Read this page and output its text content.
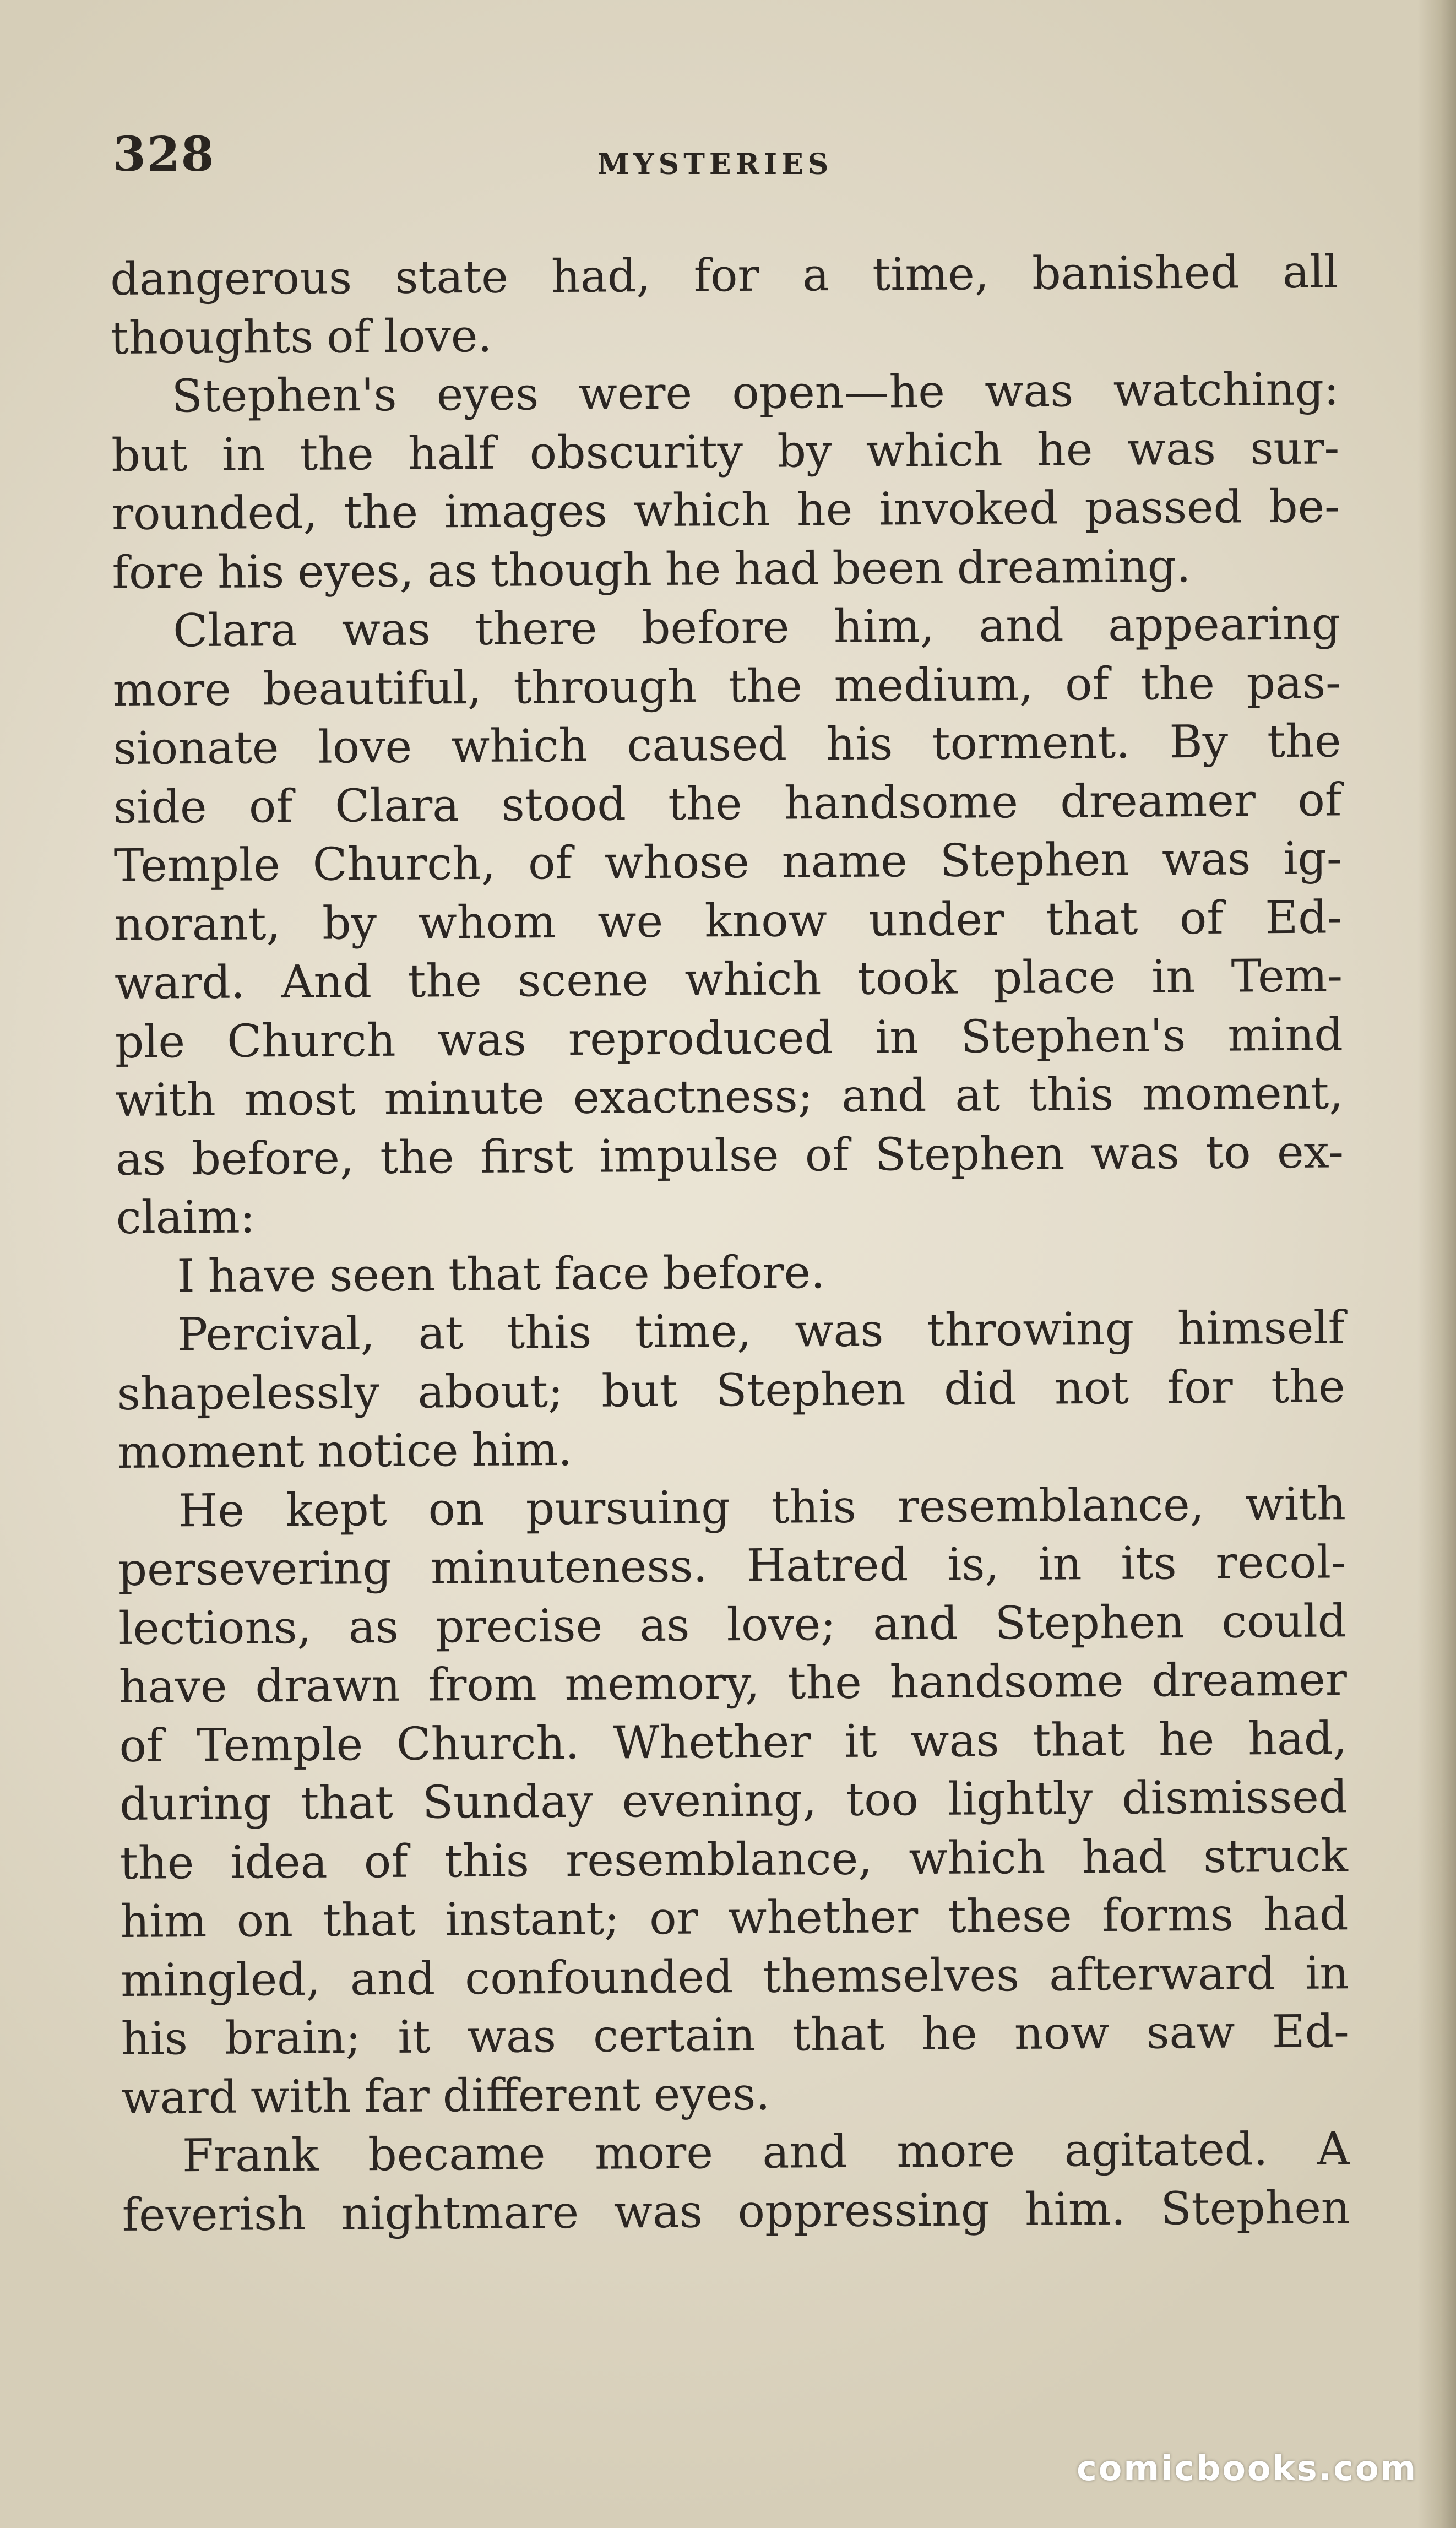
328	MYSTERIES
dangerous state had, for a time, banished all
thoughts of love.
Stephen's eyes were open—he was watching:
but in the half obscurity by which he was sur-
rounded, the images which he invoked passed be-
fore his eyes, as though he had been dreaming.
Clara was there before him, and appearing
more beautiful, through the medium, of the pas-
sionate love which caused his torment. By the
side of Clara stood the handsome dreamer of
Temple Church, of whose name Stephen was ig-
norant, by whom we know under that of Ed-
ward. And the scene which took place in Tem-
ple Church was reproduced in Stephen's mind
with most minute exactness; and at this moment,
as before, the first impulse of Stephen was to ex-
claim:
I have seen that face before.
Percival, at this time, was throwing himself
shapelessly about; but Stephen did not for the
moment notice him.
He kept on pursuing this resemblance, with
persevering minuteness. Hatred is, in its recol-
lections, as precise as love; and Stephen could
have drawn from memory, the handsome dreamer
of Temple Church. Whether it was that he had,
during that Sunday evening, too lightly dismissed
the idea of this resemblance, which had struck
him on that instant; or whether these forms had
mingled, and confounded themselves afterward in
his brain; it was certain that he now saw Ed-
ward with far different eyes.
Frank became more and more agitated. A
feverish nightmare was oppressing him. Stephen
comicbooks.com
